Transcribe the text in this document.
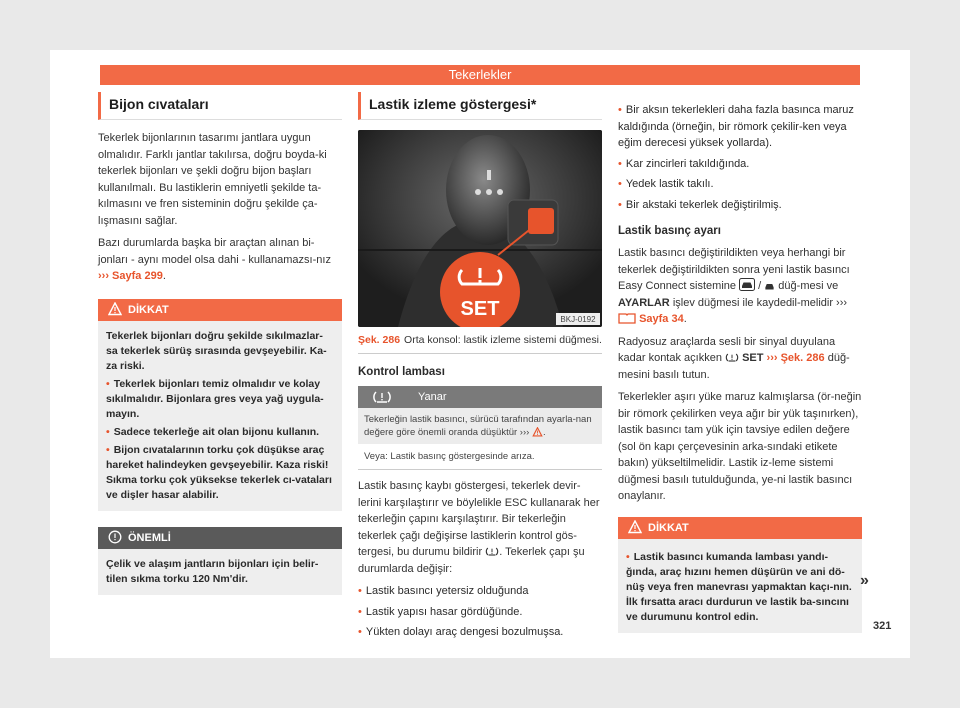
Tekerlekler
Bijon cıvataları

Tekerlek bijonlarının tasarımı jantlara uygun olmalıdır. Farklı jantlar takılırsa, doğru boyda-ki tekerlek bijonları ve şekli doğru bijon başları kullanılmalı. Bu lastiklerin emniyetli şekilde ta-kılmasını ve fren sisteminin doğru şekilde ça-lışmasını sağlar.

Bazı durumlarda başka bir araçtan alınan bi-jonları - aynı model olsa dahi - kullanamazsı-nız ››› Sayfa 299.

DİKKAT
Tekerlek bijonları doğru şekilde sıkılmazlar-sa tekerlek sürüş sırasında gevşeyebilir. Ka-za riski.
• Tekerlek bijonları temiz olmalıdır ve kolay sıkılmalıdır. Bijonlara gres veya yağ uygula-mayın.
• Sadece tekerleğe ait olan bijonu kullanın.
• Bijon cıvatalarının torku çok düşükse araç hareket halindeyken gevşeyebilir. Kaza riski! Sıkma torku çok yüksekse tekerlek cı-vataları ve dişler hasar alabilir.
ÖNEMLİ
Çelik ve alaşım jantların bijonları için belir-tilen sıkma torku 120 Nm'dir.
Lastik izleme göstergesi*
SET	BKJ-0192
Şek. 286 Orta konsol: lastik izleme sistemi düğmesi.
Kontrol lambası
Yanar
Tekerleğin lastik basıncı, sürücü tarafından ayarla-nan değere göre önemli oranda düşüktür ››› .
Veya: Lastik basınç göstergesinde arıza.

Lastik basınç kaybı göstergesi, tekerlek devir-lerini karşılaştırır ve böylelikle ESC kullanarak her tekerleğin çapını karşılaştırır. Bir tekerleğin tekerlek çağı değişirse lastiklerin kontrol gös-tergesi, bu durumu bildirir . Tekerlek çapı şu durumlarda değişir:

• Lastik basıncı yetersiz olduğunda
• Lastik yapısı hasar gördüğünde.
• Yükten dolayı araç dengesi bozulmuşsa.
• Bir aksın tekerlekleri daha fazla basınca maruz kaldığında (örneğin, bir römork çekilir-ken veya eğim derecesi yüksek yollarda).
• Kar zincirleri takıldığında.
• Yedek lastik takılı.
• Bir akstaki tekerlek değiştirilmiş.
Lastik basınç ayarı

Lastik basıncı değiştirildikten veya herhangi bir tekerlek değiştirildikten sonra yeni lastik basıncı Easy Connect sistemine  /  düğ-mesi ve AYARLAR işlev düğmesi ile kaydedil-melidir ›››  Sayfa 34.

Radyosuz araçlarda sesli bir sinyal duyulana kadar kontak açıkken SET ››› Şek. 286 düğ-mesini basılı tutun.

Tekerlekler aşırı yüke maruz kalmışlarsa (ör-neğin bir römork çekilirken veya ağır bir yük taşınırken), lastik basıncı tam yük için tavsiye edilen değere (sol ön kapı çerçevesinin arka-sındaki etikete bakın) yükseltilmelidir. Lastik iz-leme sistemi düğmesi basılı tutulduğunda, ye-ni lastik basıncı onaylanır.

DİKKAT
• Lastik basıncı kumanda lambası yandı-ğında, araç hızını hemen düşürün ve ani dö-nüş veya fren manevrası yapmaktan kaçı-nın. İlk fırsatta aracı durdurun ve lastik ba-sıncını ve durumunu kontrol edin.
»
321
